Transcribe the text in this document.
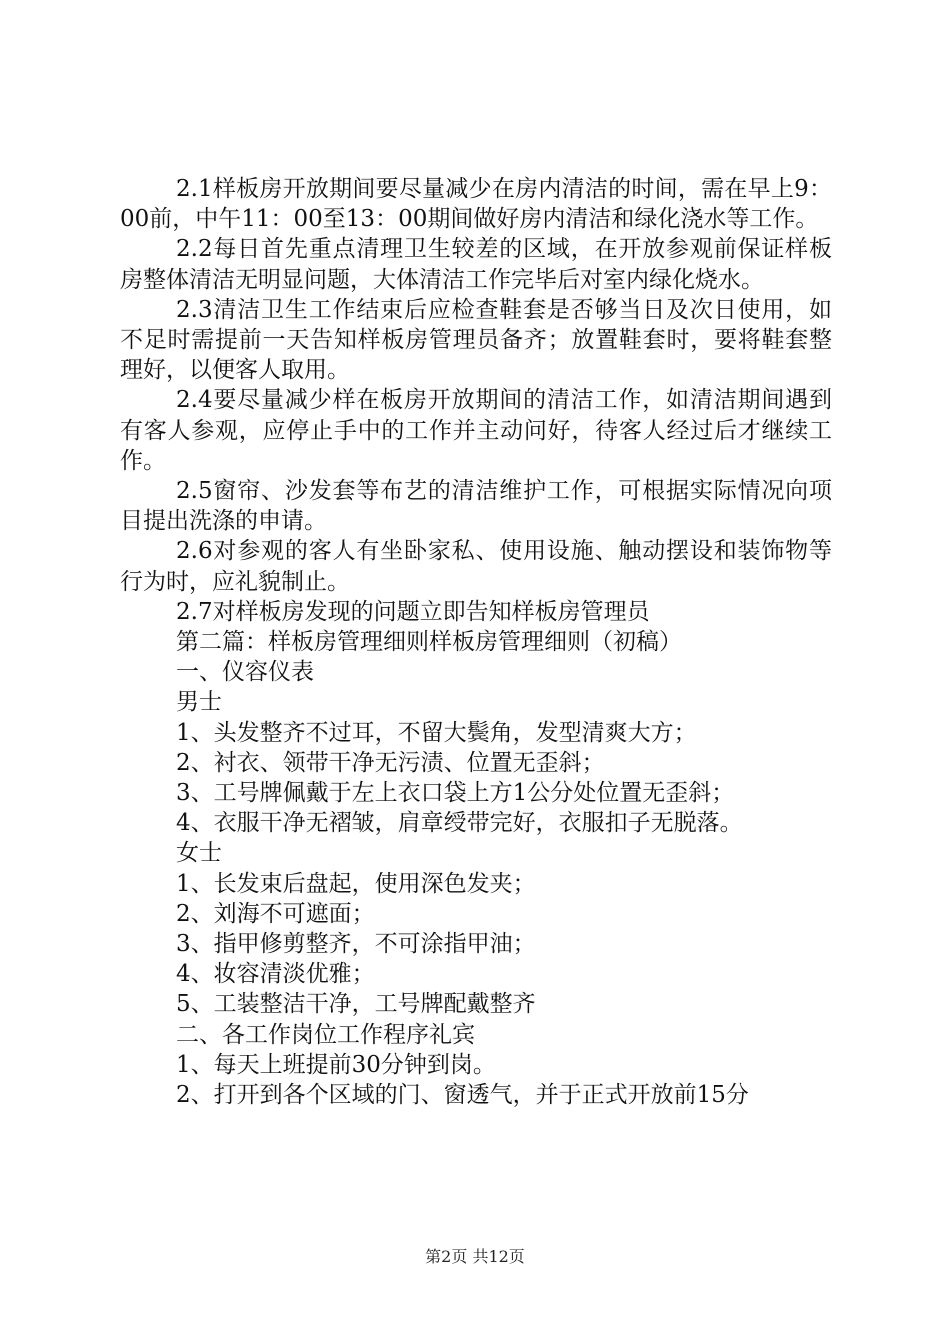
2.1样板房开放期间要尽量减少在房内清洁的时间，需在早上9：00前，中午11：00至13：00期间做好房内清洁和绿化浇水等工作。

2.2每日首先重点清理卫生较差的区域，在开放参观前保证样板房整体清洁无明显问题，大体清洁工作完毕后对室内绿化烧水。

2.3清洁卫生工作结束后应检查鞋套是否够当日及次日使用，如不足时需提前一天告知样板房管理员备齐；放置鞋套时，要将鞋套整理好，以便客人取用。

2.4要尽量减少样在板房开放期间的清洁工作，如清洁期间遇到有客人参观，应停止手中的工作并主动问好，待客人经过后才继续工作。

2.5窗帘、沙发套等布艺的清洁维护工作，可根据实际情况向项目提出洗涤的申请。

2.6对参观的客人有坐卧家私、使用设施、触动摆设和装饰物等行为时，应礼貌制止。

2.7对样板房发现的问题立即告知样板房管理员

第二篇：样板房管理细则样板房管理细则（初稿）

一、仪容仪表

男士

1、头发整齐不过耳，不留大鬓角，发型清爽大方；

2、衬衣、领带干净无污渍、位置无歪斜；

3、工号牌佩戴于左上衣口袋上方1公分处位置无歪斜；

4、衣服干净无褶皱，肩章绶带完好，衣服扣子无脱落。

女士

1、长发束后盘起，使用深色发夹；

2、刘海不可遮面；

3、指甲修剪整齐，不可涂指甲油；

4、妆容清淡优雅；

5、工装整洁干净，工号牌配戴整齐

二、各工作岗位工作程序礼宾

1、每天上班提前30分钟到岗。

2、打开到各个区域的门、窗透气，并于正式开放前15分

第2页 共12页
